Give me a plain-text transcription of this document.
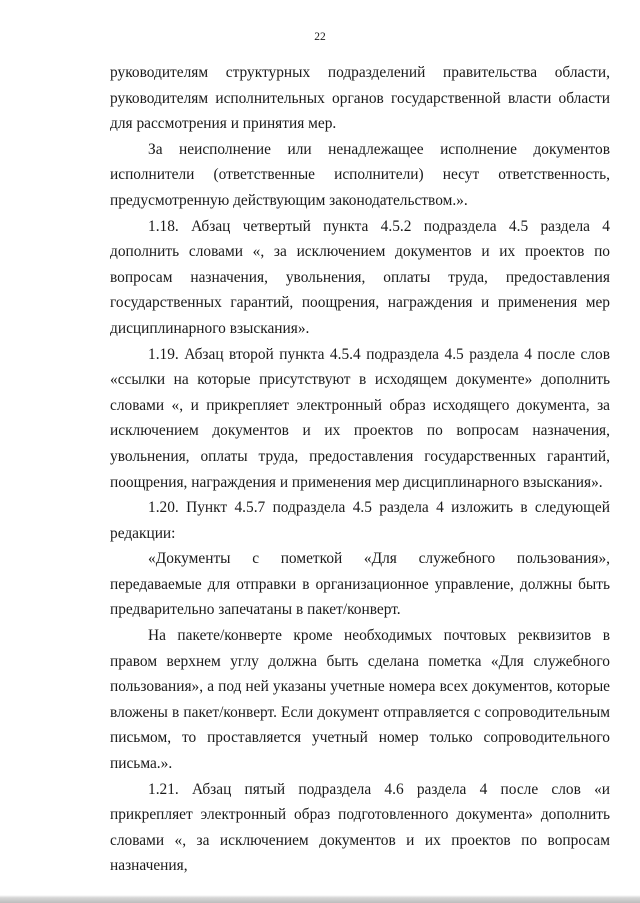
22

руководителям структурных подразделений правительства области, руководителям исполнительных органов государственной власти области для рассмотрения и принятия мер.

За неисполнение или ненадлежащее исполнение документов исполнители (ответственные исполнители) несут ответственность, предусмотренную действующим законодательством.».

1.18. Абзац четвертый пункта 4.5.2 подраздела 4.5 раздела 4 дополнить словами «, за исключением документов и их проектов по вопросам назначения, увольнения, оплаты труда, предоставления государственных гарантий, поощрения, награждения и применения мер дисциплинарного взыскания».

1.19. Абзац второй пункта 4.5.4 подраздела 4.5 раздела 4 после слов «ссылки на которые присутствуют в исходящем документе» дополнить словами «, и прикрепляет электронный образ исходящего документа, за исключением документов и их проектов по вопросам назначения, увольнения, оплаты труда, предоставления государственных гарантий, поощрения, награждения и применения мер дисциплинарного взыскания».

1.20. Пункт 4.5.7 подраздела 4.5 раздела 4 изложить в следующей редакции:

«Документы с пометкой «Для служебного пользования», передаваемые для отправки в организационное управление, должны быть предварительно запечатаны в пакет/конверт.

На пакете/конверте кроме необходимых почтовых реквизитов в правом верхнем углу должна быть сделана пометка «Для служебного пользования», а под ней указаны учетные номера всех документов, которые вложены в пакет/конверт. Если документ отправляется с сопроводительным письмом, то проставляется учетный номер только сопроводительного письма.».

1.21. Абзац пятый подраздела 4.6 раздела 4 после слов «и прикрепляет электронный образ подготовленного документа» дополнить словами «, за исключением документов и их проектов по вопросам назначения,
